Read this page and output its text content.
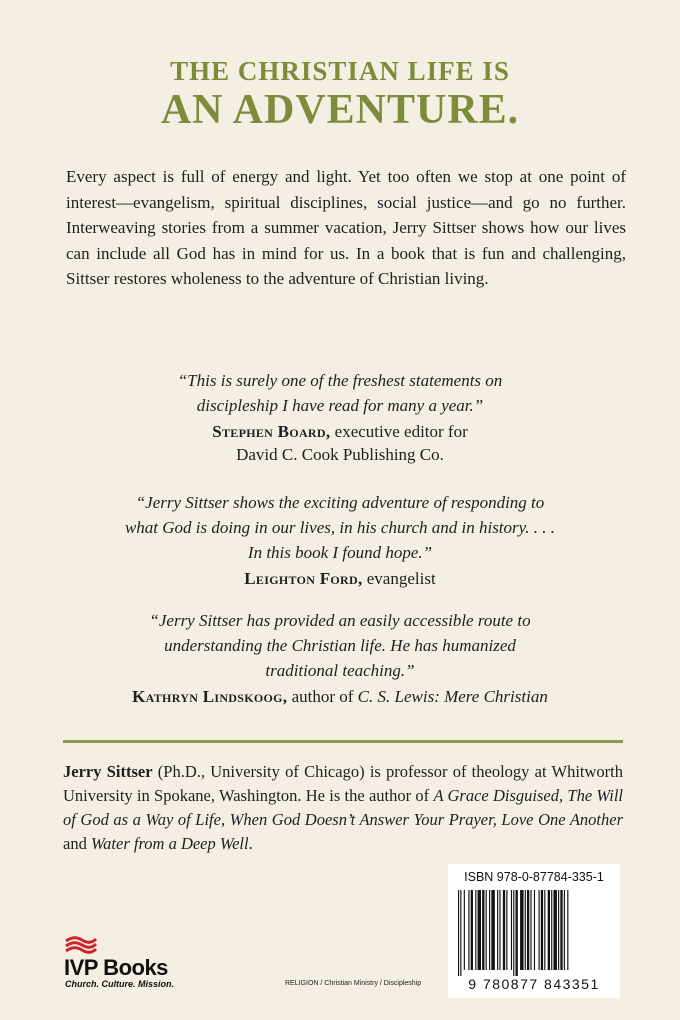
THE CHRISTIAN LIFE IS
AN ADVENTURE.
Every aspect is full of energy and light. Yet too often we stop at one point of interest—evangelism, spiritual disciplines, social justice—and go no further. Interweaving stories from a summer vacation, Jerry Sittser shows how our lives can include all God has in mind for us. In a book that is fun and challenging, Sittser restores wholeness to the adventure of Christian living.
“This is surely one of the freshest statements on discipleship I have read for many a year.”
Stephen Board, executive editor for
David C. Cook Publishing Co.
“Jerry Sittser shows the exciting adventure of responding to what God is doing in our lives, in his church and in history. . . . In this book I found hope.”
Leighton Ford, evangelist
“Jerry Sittser has provided an easily accessible route to understanding the Christian life. He has humanized traditional teaching.”
Kathryn Lindskoog, author of C. S. Lewis: Mere Christian
Jerry Sittser (Ph.D., University of Chicago) is professor of theology at Whitworth University in Spokane, Washington. He is the author of A Grace Disguised, The Will of God as a Way of Life, When God Doesn’t Answer Your Prayer, Love One Another and Water from a Deep Well.
IVP Books
Church. Culture. Mission.	RELIGION / Christian Ministry / Discipleship
ISBN 978-0-87784-335-1
9 780877 843351
